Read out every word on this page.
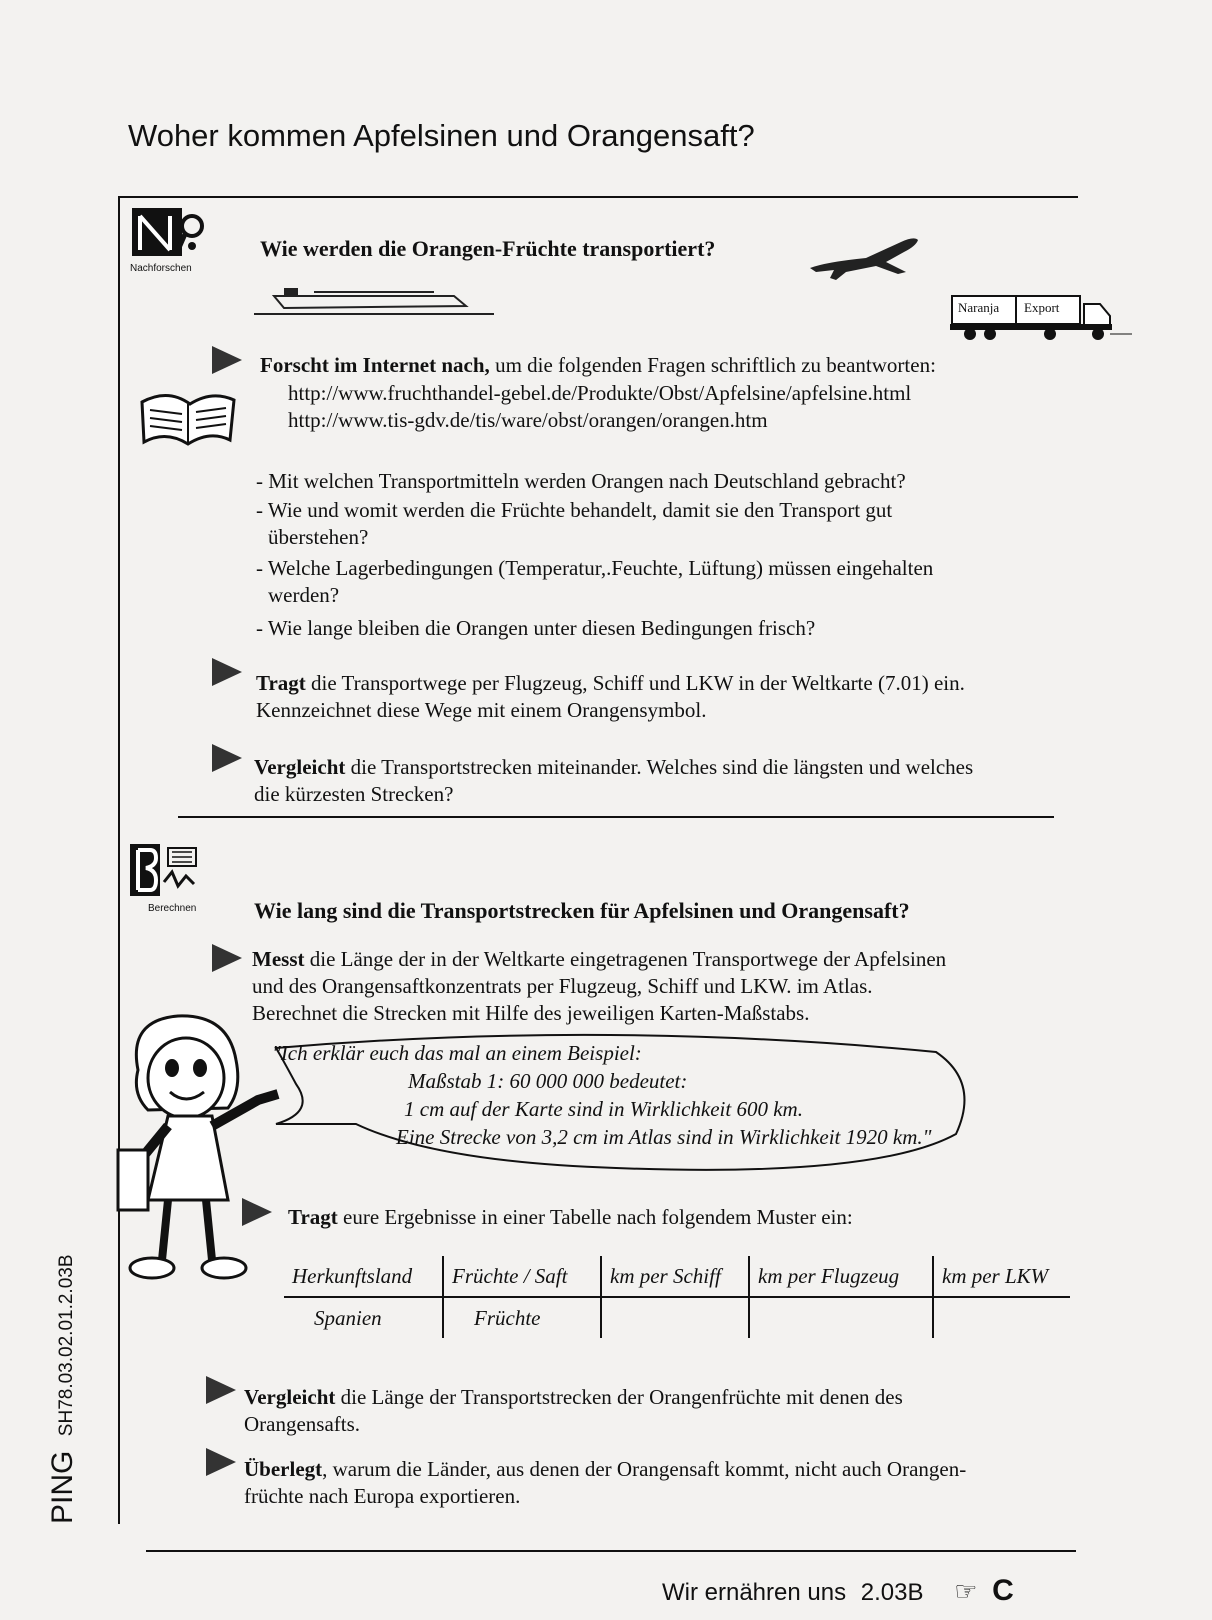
Woher kommen Apfelsinen und Orangensaft?
Nachforschen
Wie werden die Orangen-Früchte transportiert?
Naranja Export
Forscht im Internet nach, um die folgenden Fragen schriftlich zu beantworten:
http://www.fruchthandel-gebel.de/Produkte/Obst/Apfelsine/apfelsine.html
http://www.tis-gdv.de/tis/ware/obst/orangen/orangen.htm
- Mit welchen Transportmitteln werden Orangen nach Deutschland gebracht?
- Wie und womit werden die Früchte behandelt, damit sie den Transport gut
überstehen?
- Welche Lagerbedingungen (Temperatur,.Feuchte, Lüftung) müssen eingehalten
werden?
- Wie lange bleiben die Orangen unter diesen Bedingungen frisch?
Tragt die Transportwege per Flugzeug, Schiff und LKW in der Weltkarte (7.01) ein.
Kennzeichnet diese Wege mit einem Orangensymbol.
Vergleicht die Transportstrecken miteinander. Welches sind die längsten und welches
die kürzesten Strecken?
Berechnen	Wie lang sind die Transportstrecken für Apfelsinen und Orangensaft?
Messt die Länge der in der Weltkarte eingetragenen Transportwege der Apfelsinen
und des Orangensaftkonzentrats per Flugzeug, Schiff und LKW. im Atlas.
Berechnet die Strecken mit Hilfe des jeweiligen Karten-Maßstabs.
"Ich erklär euch das mal an einem Beispiel:
Maßstab 1: 60 000 000 bedeutet:
1 cm auf der Karte sind in Wirklichkeit 600 km.
Eine Strecke von 3,2 cm im Atlas sind in Wirklichkeit 1920 km."
Tragt eure Ergebnisse in einer Tabelle nach folgendem Muster ein:
Herkunftsland	Früchte / Saft	km per Schiff	km per Flugzeug	km per LKW
Spanien	Früchte			
Vergleicht die Länge der Transportstrecken der Orangenfrüchte mit denen des
Orangensafts.
Überlegt, warum die Länder, aus denen der Orangensaft kommt, nicht auch Orangen-
früchte nach Europa exportieren.
PING SH78.03.02.01.2.03B
Wir ernähren uns 2.03B ☞ C
